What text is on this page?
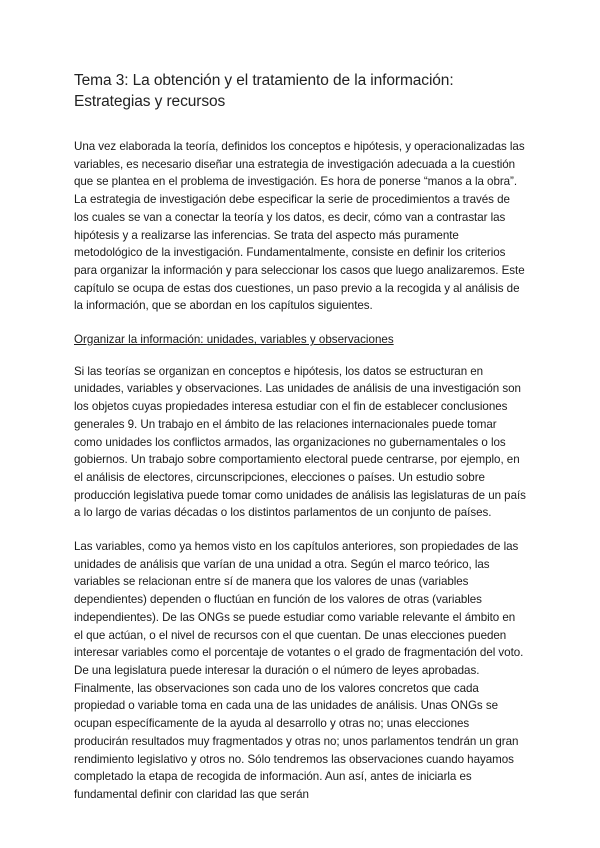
Tema 3: La obtención y el tratamiento de la información: Estrategias y recursos

Una vez elaborada la teoría, definidos los conceptos e hipótesis, y operacionalizadas las variables, es necesario diseñar una estrategia de investigación adecuada a la cuestión que se plantea en el problema de investigación. Es hora de ponerse “manos a la obra”. La estrategia de investigación debe especificar la serie de procedimientos a través de los cuales se van a conectar la teoría y los datos, es decir, cómo van a contrastar las hipótesis y a realizarse las inferencias. Se trata del aspecto más puramente metodológico de la investigación. Fundamentalmente, consiste en definir los criterios para organizar la información y para seleccionar los casos que luego analizaremos. Este capítulo se ocupa de estas dos cuestiones, un paso previo a la recogida y al análisis de la información, que se abordan en los capítulos siguientes.

Organizar la información: unidades, variables y observaciones

Si las teorías se organizan en conceptos e hipótesis, los datos se estructuran en unidades, variables y observaciones. Las unidades de análisis de una investigación son los objetos cuyas propiedades interesa estudiar con el fin de establecer conclusiones generales 9. Un trabajo en el ámbito de las relaciones internacionales puede tomar como unidades los conflictos armados, las organizaciones no gubernamentales o los gobiernos. Un trabajo sobre comportamiento electoral puede centrarse, por ejemplo, en el análisis de electores, circunscripciones, elecciones o países. Un estudio sobre producción legislativa puede tomar como unidades de análisis las legislaturas de un país a lo largo de varias décadas o los distintos parlamentos de un conjunto de países.

Las variables, como ya hemos visto en los capítulos anteriores, son propiedades de las unidades de análisis que varían de una unidad a otra. Según el marco teórico, las variables se relacionan entre sí de manera que los valores de unas (variables dependientes) dependen o fluctúan en función de los valores de otras (variables independientes). De las ONGs se puede estudiar como variable relevante el ámbito en el que actúan, o el nivel de recursos con el que cuentan. De unas elecciones pueden interesar variables como el porcentaje de votantes o el grado de fragmentación del voto. De una legislatura puede interesar la duración o el número de leyes aprobadas. Finalmente, las observaciones son cada uno de los valores concretos que cada propiedad o variable toma en cada una de las unidades de análisis. Unas ONGs se ocupan específicamente de la ayuda al desarrollo y otras no; unas elecciones producirán resultados muy fragmentados y otras no; unos parlamentos tendrán un gran rendimiento legislativo y otros no. Sólo tendremos las observaciones cuando hayamos completado la etapa de recogida de información. Aun así, antes de iniciarla es fundamental definir con claridad las que serán
